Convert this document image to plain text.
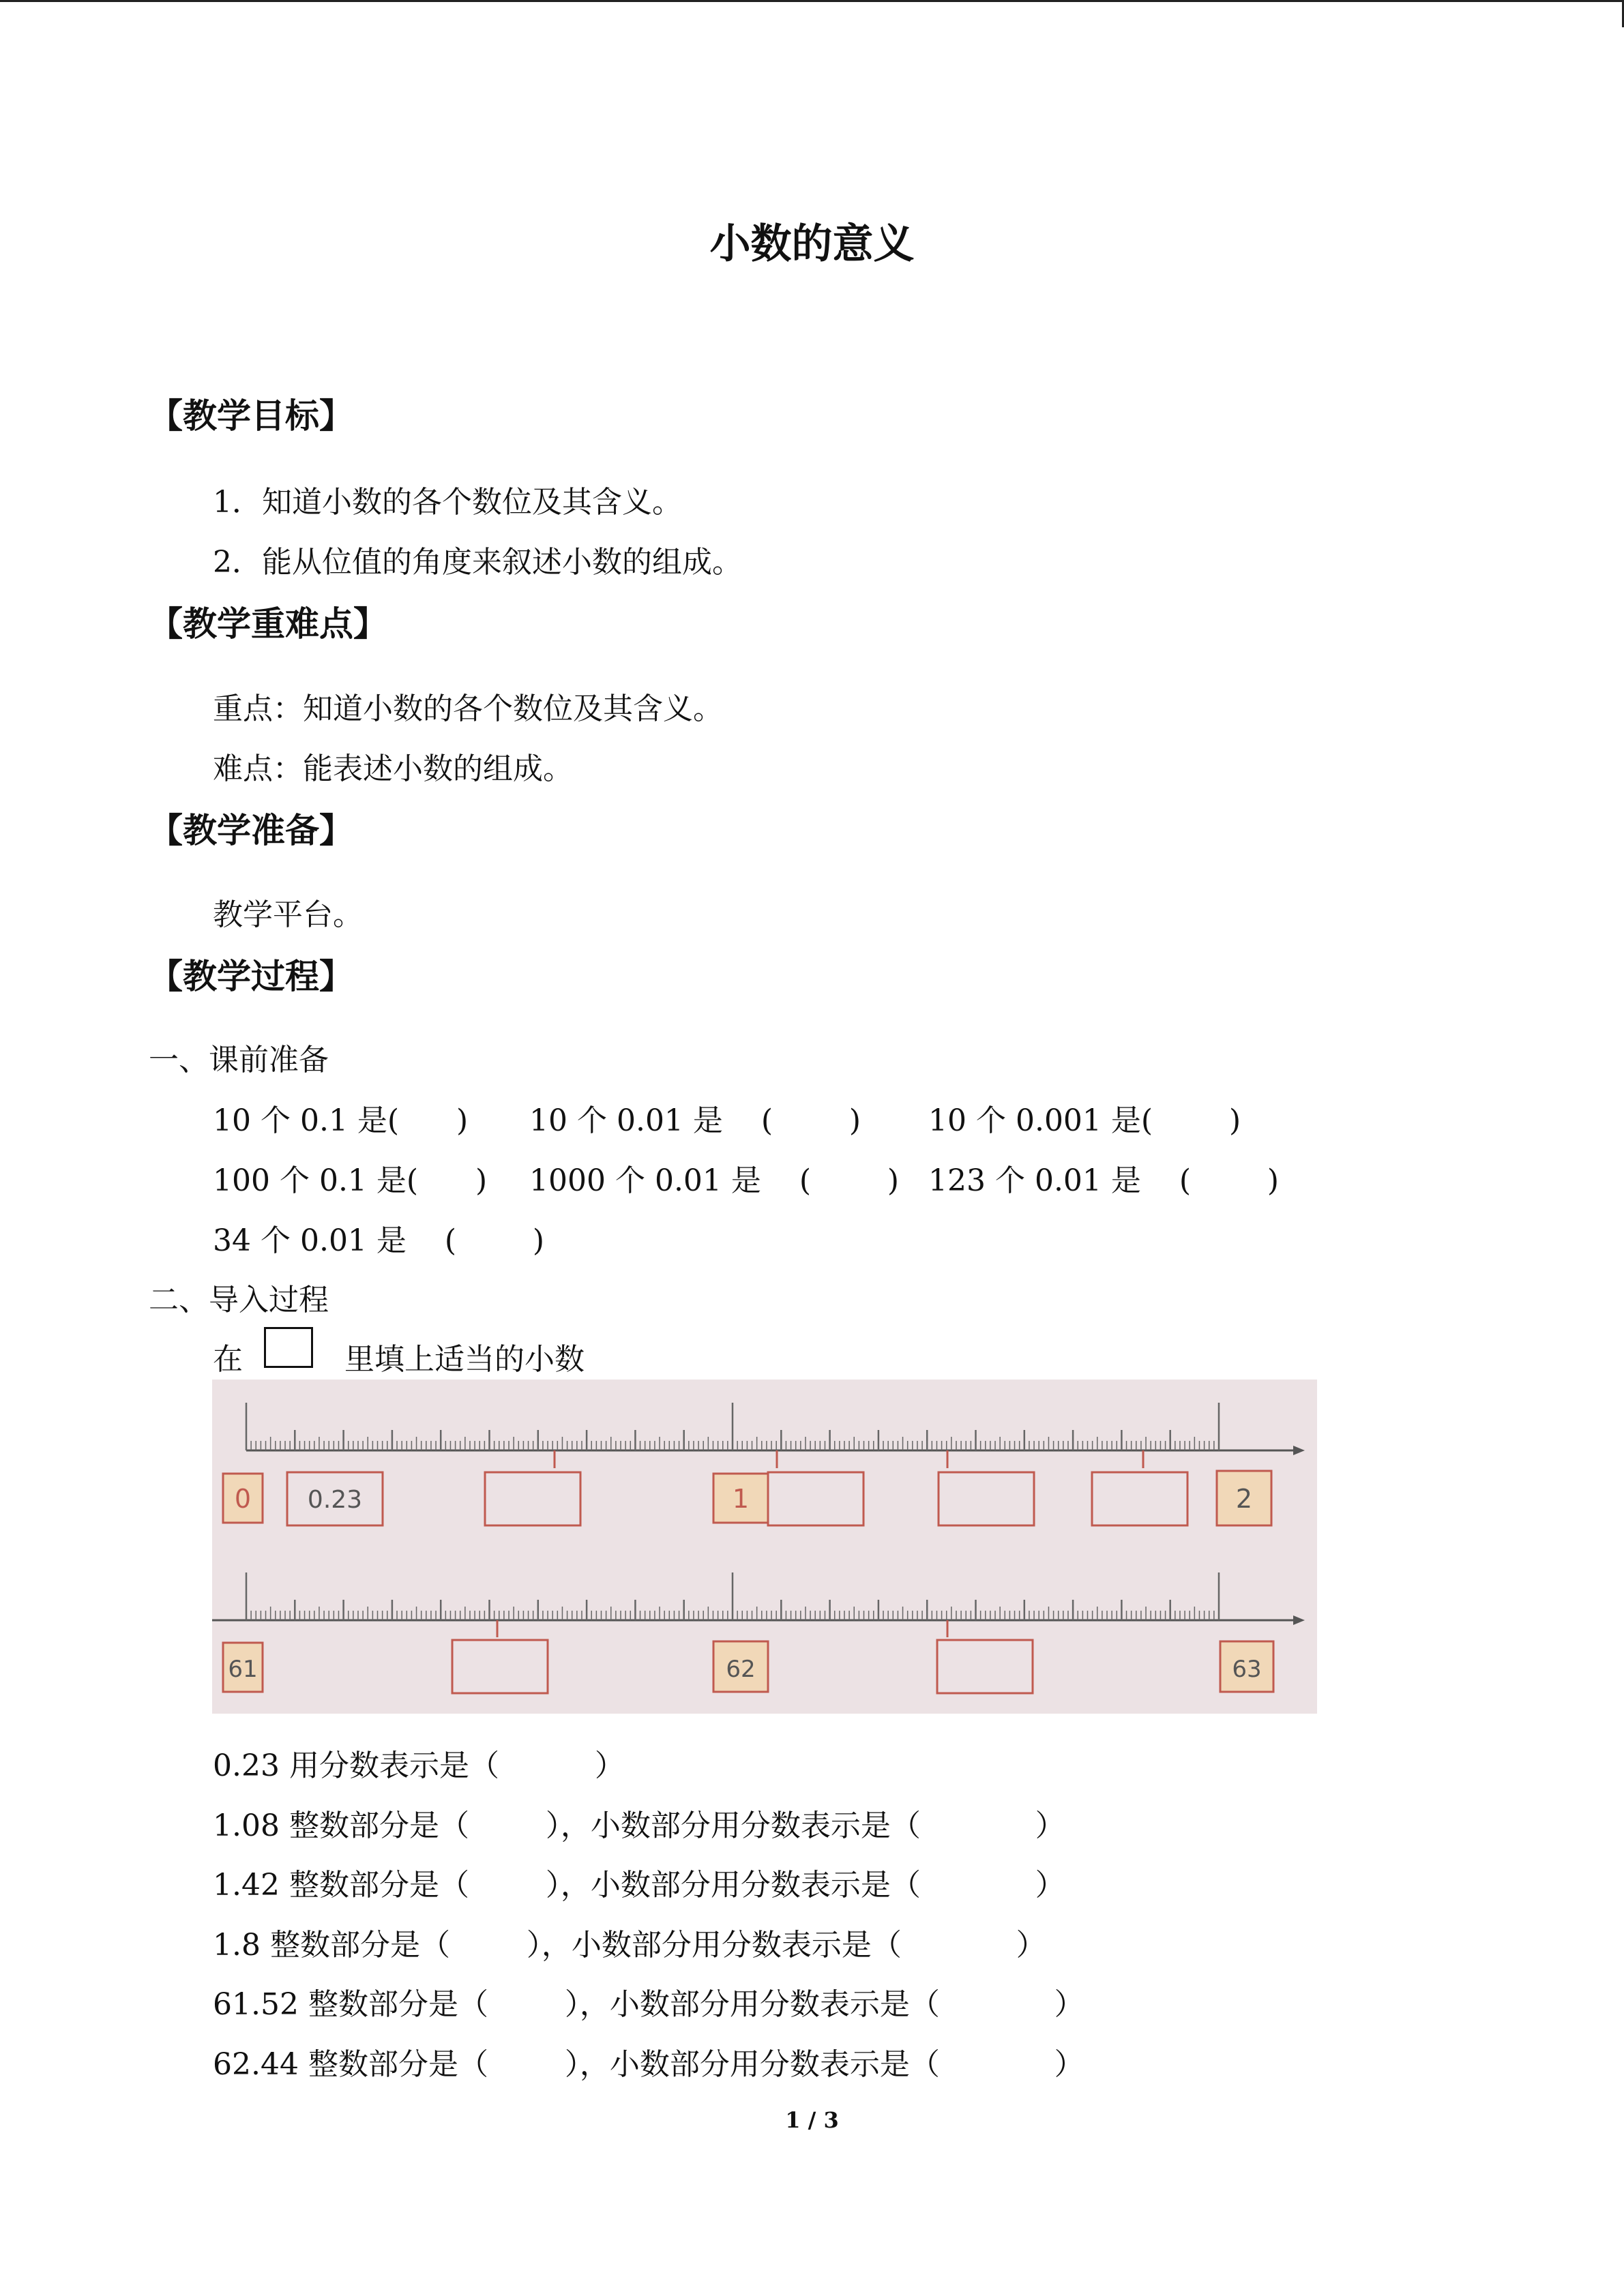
小数的意义
【教学目标】
1．知道小数的各个数位及其含义。
2．能从位值的角度来叙述小数的组成。
【教学重难点】
重点：知道小数的各个数位及其含义。
难点：能表述小数的组成。
【教学准备】
教学平台。
【教学过程】
一、课前准备
10 个 0.1 是(      ) 10 个 0.01 是    (        ) 10 个 0.001 是(        )
100 个 0.1 是(      ) 1000 个 0.01 是    (        ) 123 个 0.01 是    (        )
34 个 0.01 是    (        )
二、导入过程
在	里填上适当的小数
0 0.23	1	2
61	62	63
0.23 用分数表示是（          ）
1.08 整数部分是（        ），小数部分用分数表示是（            ）
1.42 整数部分是（        ），小数部分用分数表示是（            ）
1.8 整数部分是（        ），小数部分用分数表示是（            ）
61.52 整数部分是（        ），小数部分用分数表示是（            ）
62.44 整数部分是（        ），小数部分用分数表示是（            ）
1 / 3
